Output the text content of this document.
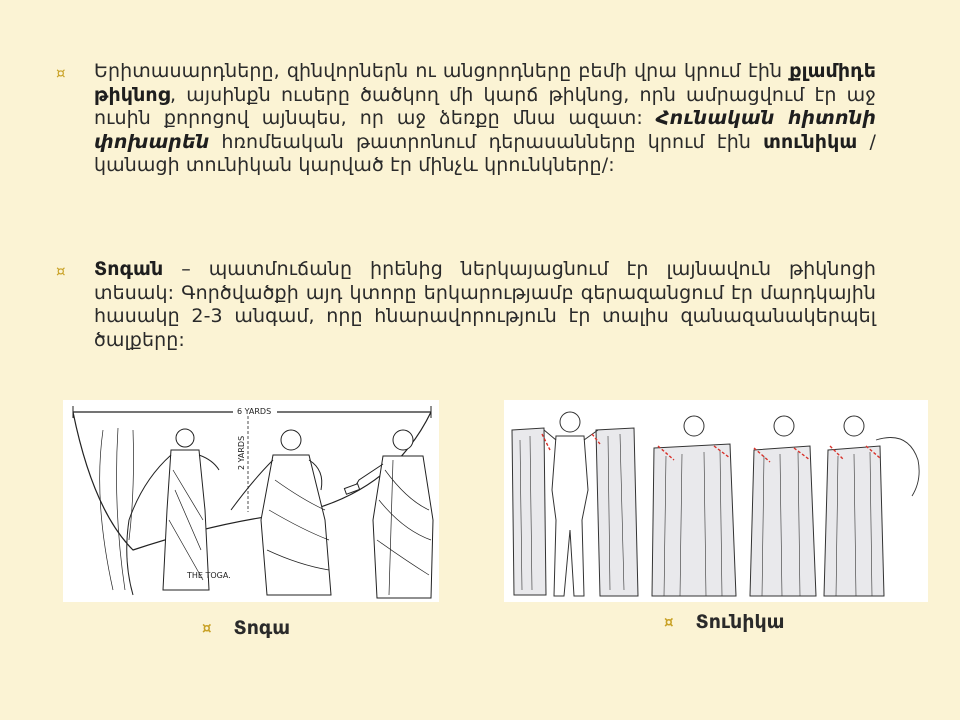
¤	Երիտասարդները, զինվորներն ու անցորդները բեմի վրա կրում էին քլամիդե թիկնոց, այսինքն ուսերը ծածկող մի կարճ թիկնոց, որն ամրացվում էր աջ ուսին քորոցով այնպես, որ աջ ձեռքը մնա ազատ: Հունական հիտոնի փոխարեն հռոմեական թատրոնում դերասանները կրում էին տունիկա /կանացի տունիկան կարված էր մինչև կրունկները/:
¤	Տոգան – պատմուճանը իրենից ներկայացնում էր լայնավուն թիկնոցի տեսակ: Գործվածքի այդ կտորը երկարությամբ գերազանցում էր մարդկային հասակը 2-3 անգամ, որը հնարավորություն էր տալիս զանազանակերպել ծալքերը:
6 YARDS
2 YARDS
THE TOGA.
¤ Տոգա	¤ Տունիկա
